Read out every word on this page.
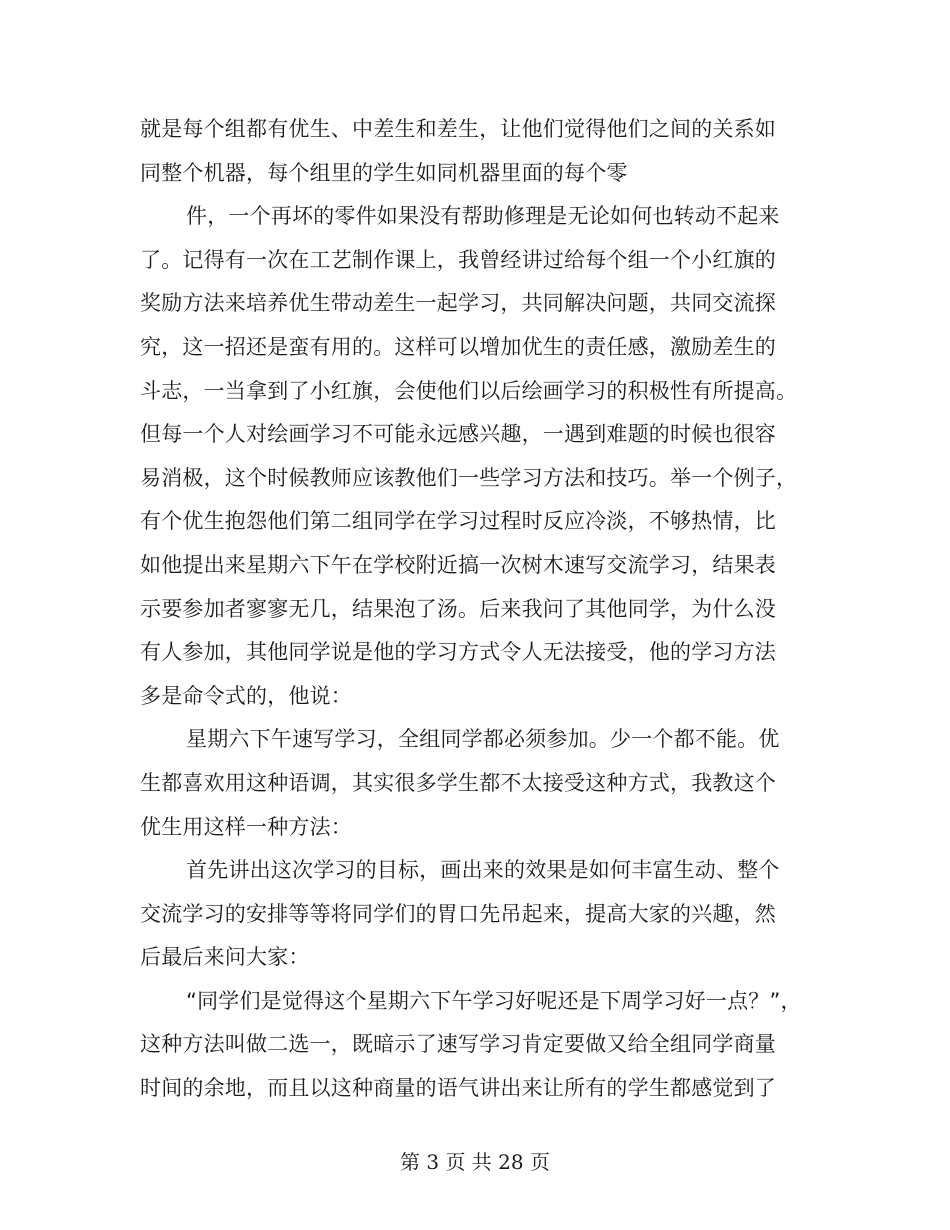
就是每个组都有优生、中差生和差生，让他们觉得他们之间的关系如
同整个机器，每个组里的学生如同机器里面的每个零
件，一个再坏的零件如果没有帮助修理是无论如何也转动不起来
了。记得有一次在工艺制作课上，我曾经讲过给每个组一个小红旗的
奖励方法来培养优生带动差生一起学习，共同解决问题，共同交流探
究，这一招还是蛮有用的。这样可以增加优生的责任感，激励差生的
斗志，一当拿到了小红旗，会使他们以后绘画学习的积极性有所提高。
但每一个人对绘画学习不可能永远感兴趣，一遇到难题的时候也很容
易消极，这个时候教师应该教他们一些学习方法和技巧。举一个例子，
有个优生抱怨他们第二组同学在学习过程时反应冷淡，不够热情，比
如他提出来星期六下午在学校附近搞一次树木速写交流学习，结果表
示要参加者寥寥无几，结果泡了汤。后来我问了其他同学，为什么没
有人参加，其他同学说是他的学习方式令人无法接受，他的学习方法
多是命令式的，他说：
星期六下午速写学习，全组同学都必须参加。少一个都不能。优
生都喜欢用这种语调，其实很多学生都不太接受这种方式，我教这个
优生用这样一种方法：
首先讲出这次学习的目标，画出来的效果是如何丰富生动、整个
交流学习的安排等等将同学们的胃口先吊起来，提高大家的兴趣，然
后最后来问大家：
“同学们是觉得这个星期六下午学习好呢还是下周学习好一点？”，
这种方法叫做二选一，既暗示了速写学习肯定要做又给全组同学商量
时间的余地，而且以这种商量的语气讲出来让所有的学生都感觉到了

第 3 页 共 28 页
